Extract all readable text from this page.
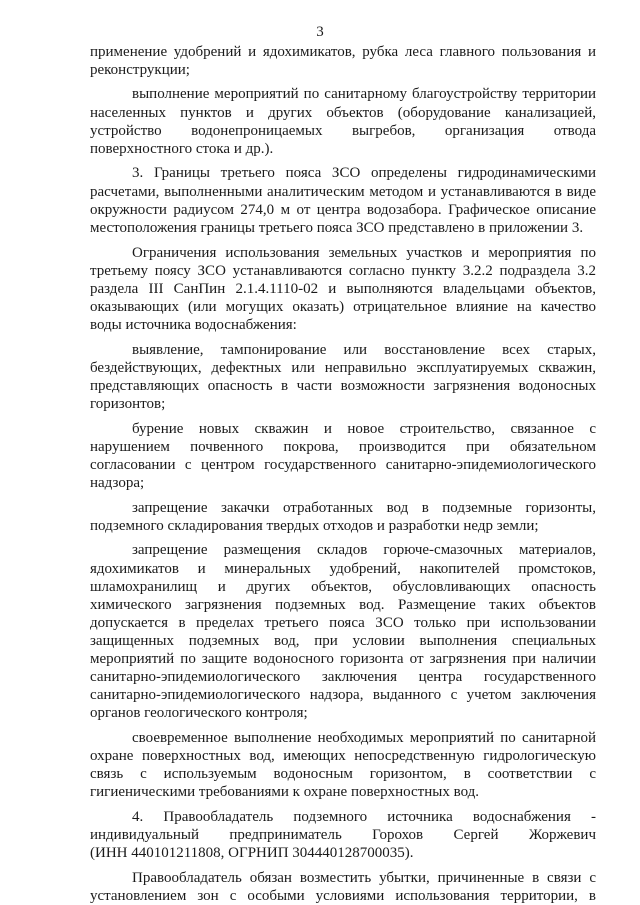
3
применение удобрений и ядохимикатов, рубка леса главного пользования и
реконструкции;
выполнение мероприятий по санитарному благоустройству территории
населенных пунктов и других объектов (оборудование канализацией,
устройство водонепроницаемых выгребов, организация отвода
поверхностного стока и др.).
3. Границы третьего пояса ЗСО определены гидродинамическими
расчетами, выполненными аналитическим методом и устанавливаются в виде
окружности радиусом 274,0 м от центра водозабора. Графическое описание
местоположения границы третьего пояса ЗСО представлено в приложении 3.
Ограничения использования земельных участков и мероприятия по
третьему поясу ЗСО устанавливаются согласно пункту 3.2.2 подраздела 3.2
раздела III СанПин 2.1.4.1110-02 и выполняются владельцами объектов,
оказывающих (или могущих оказать) отрицательное влияние на качество
воды источника водоснабжения:
выявление, тампонирование или восстановление всех старых,
бездействующих, дефектных или неправильно эксплуатируемых скважин,
представляющих опасность в части возможности загрязнения водоносных
горизонтов;
бурение новых скважин и новое строительство, связанное с
нарушением почвенного покрова, производится при обязательном
согласовании с центром государственного санитарно-эпидемиологического
надзора;
запрещение закачки отработанных вод в подземные горизонты,
подземного складирования твердых отходов и разработки недр земли;
запрещение размещения складов горюче-смазочных материалов,
ядохимикатов и минеральных удобрений, накопителей промстоков,
шламохранилищ и других объектов, обусловливающих опасность
химического загрязнения подземных вод. Размещение таких объектов
допускается в пределах третьего пояса ЗСО только при использовании
защищенных подземных вод, при условии выполнения специальных
мероприятий по защите водоносного горизонта от загрязнения при наличии
санитарно-эпидемиологического заключения центра государственного
санитарно-эпидемиологического надзора, выданного с учетом заключения
органов геологического контроля;
своевременное выполнение необходимых мероприятий по санитарной
охране поверхностных вод, имеющих непосредственную гидрологическую
связь с используемым водоносным горизонтом, в соответствии с
гигиеническими требованиями к охране поверхностных вод.
4. Правообладатель подземного источника водоснабжения -
индивидуальный предприниматель Горохов Сергей Жоржевич
(ИНН 440101211808, ОГРНИП 304440128700035).
Правообладатель обязан возместить убытки, причиненные в связи с
установлением зон с особыми условиями использования территории, в
